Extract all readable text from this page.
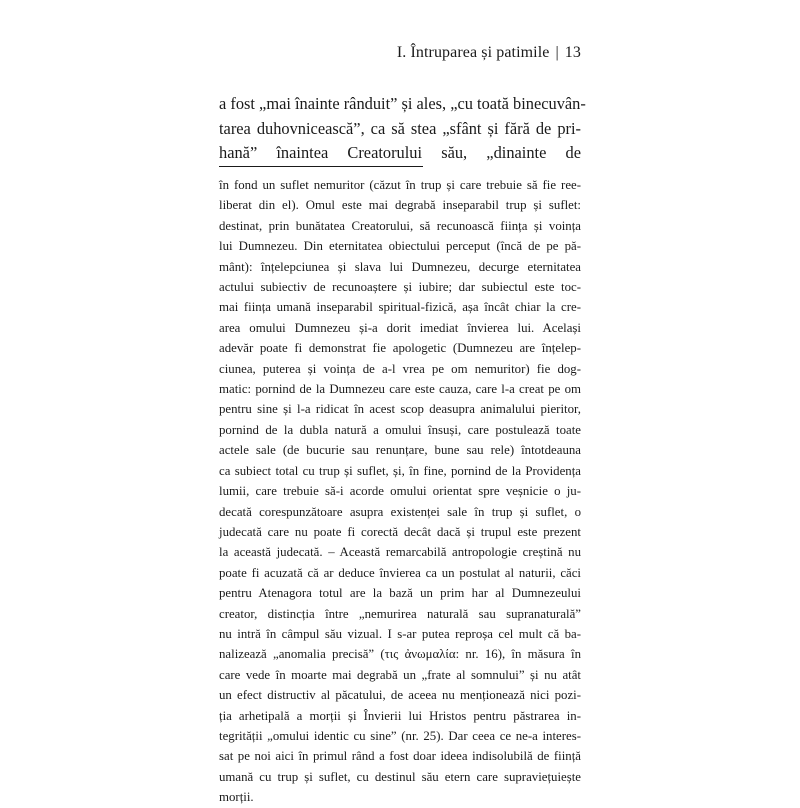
I. Întruparea și patimile | 13
a fost „mai înainte rânduit” și ales, „cu toată binecuvân-
tarea duhovnicească”, ca să stea „sfânt și fără de pri-
hană” înaintea Creatorului său, „dinainte de
în fond un suflet nemuritor (căzut în trup și care trebuie să fie ree-
liberat din el). Omul este mai degrabă inseparabil trup și suflet:
destinat, prin bunătatea Creatorului, să recunoască ființa și voința
lui Dumnezeu. Din eternitatea obiectului perceput (încă de pe pă-
mânt): înțelepciunea și slava lui Dumnezeu, decurge eternitatea
actului subiectiv de recunoaștere și iubire; dar subiectul este toc-
mai ființa umană inseparabil spiritual-fizică, așa încât chiar la cre-
area omului Dumnezeu și-a dorit imediat învierea lui. Același
adevăr poate fi demonstrat fie apologetic (Dumnezeu are înțelep-
ciunea, puterea și voința de a-l vrea pe om nemuritor) fie dog-
matic: pornind de la Dumnezeu care este cauza, care l-a creat pe om
pentru sine și l-a ridicat în acest scop deasupra animalului pieritor,
pornind de la dubla natură a omului însuși, care postulează toate
actele sale (de bucurie sau renunțare, bune sau rele) întotdeauna
ca subiect total cu trup și suflet, și, în fine, pornind de la Providența
lumii, care trebuie să-i acorde omului orientat spre veșnicie o ju-
decată corespunzătoare asupra existenței sale în trup și suflet, o
judecată care nu poate fi corectă decât dacă și trupul este prezent
la această judecată. – Această remarcabilă antropologie creștină nu
poate fi acuzată că ar deduce învierea ca un postulat al naturii, căci
pentru Atenagora totul are la bază un prim har al Dumnezeului
creator, distincția între „nemurirea naturală sau supranaturală”
nu intră în câmpul său vizual. I s-ar putea reproșa cel mult că ba-
nalizează „anomalia precisă” (τις ἀνωμαλία: nr. 16), în măsura în
care vede în moarte mai degrabă un „frate al somnului” și nu atât
un efect distructiv al păcatului, de aceea nu menționează nici pozi-
ția arhetipală a morții și Învierii lui Hristos pentru păstrarea in-
tegrității „omului identic cu sine” (nr. 25). Dar ceea ce ne-a interes-
sat pe noi aici în primul rând a fost doar ideea indisolubilă de ființă
umană cu trup și suflet, cu destinul său etern care supraviețuiește
morții.
